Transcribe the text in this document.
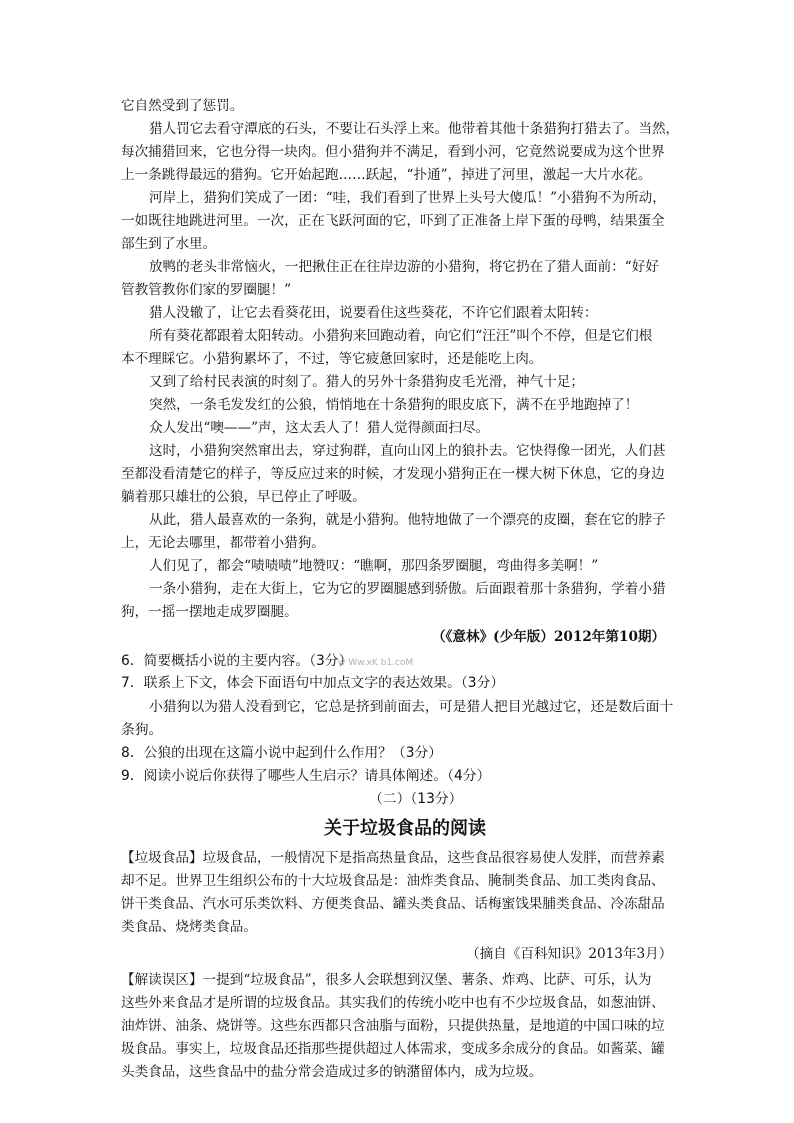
它自然受到了惩罚。
猎人罚它去看守潭底的石头，不要让石头浮上来。他带着其他十条猎狗打猎去了。当然，
每次捕猎回来，它也分得一块肉。但小猎狗并不满足，看到小河，它竟然说要成为这个世界
上一条跳得最远的猎狗。它开始起跑……跃起，“扑通”，掉进了河里，激起一大片水花。
河岸上，猎狗们笑成了一团：“哇，我们看到了世界上头号大傻瓜！”小猎狗不为所动，
一如既往地跳进河里。一次，正在飞跃河面的它，吓到了正准备上岸下蛋的母鸭，结果蛋全
部生到了水里。
放鸭的老头非常恼火，一把揪住正在往岸边游的小猎狗，将它扔在了猎人面前：“好好
管教管教你们家的罗圈腿！”
猎人没辙了，让它去看葵花田，说要看住这些葵花，不许它们跟着太阳转：
所有葵花都跟着太阳转动。小猎狗来回跑动着，向它们“汪汪”叫个不停，但是它们根
本不理睬它。小猎狗累坏了，不过，等它疲惫回家时，还是能吃上肉。
又到了给村民表演的时刻了。猎人的另外十条猎狗皮毛光滑，神气十足；
突然，一条毛发发红的公狼，悄悄地在十条猎狗的眼皮底下，满不在乎地跑掉了！
众人发出“噢——”声，这太丢人了！猎人觉得颜面扫尽。
这时，小猎狗突然窜出去，穿过狗群，直向山冈上的狼扑去。它快得像一团光，人们甚
至都没看清楚它的样子，等反应过来的时候，才发现小猎狗正在一棵大树下休息，它的身边
躺着那只雄壮的公狼，早已停止了呼吸。
从此，猎人最喜欢的一条狗，就是小猎狗。他特地做了一个漂亮的皮圈，套在它的脖子
上，无论去哪里，都带着小猎狗。
人们见了，都会“啧啧啧”地赞叹：“瞧啊，那四条罗圈腿，弯曲得多美啊！”
一条小猎狗，走在大街上，它为它的罗圈腿感到骄傲。后面跟着那十条猎狗，学着小猎
狗，一摇一摆地走成罗圈腿。
（《意林》(少年版）2012年第10期）
6．简要概括小说的主要内容。（3分）
w Ww.xK b1.coM
7．联系上下文，体会下面语句中加点文字的表达效果。（3分）
小猎狗以为猎人没看到它，它总是挤到前面去，可是猎人把目光越过它，还是数后面十
条狗。
8．公狼的出现在这篇小说中起到什么作用？（3分）
9．阅读小说后你获得了哪些人生启示？请具体阐述。（4分）
（二）（13分）
关于垃圾食品的阅读
【垃圾食品】垃圾食品，一般情况下是指高热量食品，这些食品很容易使人发胖，而营养素
却不足。世界卫生组织公布的十大垃圾食品是：油炸类食品、腌制类食品、加工类肉食品、
饼干类食品、汽水可乐类饮料、方便类食品、罐头类食品、话梅蜜饯果脯类食品、冷冻甜品
类食品、烧烤类食品。
（摘自《百科知识》2013年3月）
【解读误区】一提到“垃圾食品”，很多人会联想到汉堡、薯条、炸鸡、比萨、可乐，认为
这些外来食品才是所谓的垃圾食品。其实我们的传统小吃中也有不少垃圾食品，如葱油饼、
油炸饼、油条、烧饼等。这些东西都只含油脂与面粉，只提供热量，是地道的中国口味的垃
圾食品。事实上，垃圾食品还指那些提供超过人体需求，变成多余成分的食品。如酱菜、罐
头类食品，这些食品中的盐分常会造成过多的钠潴留体内，成为垃圾。
